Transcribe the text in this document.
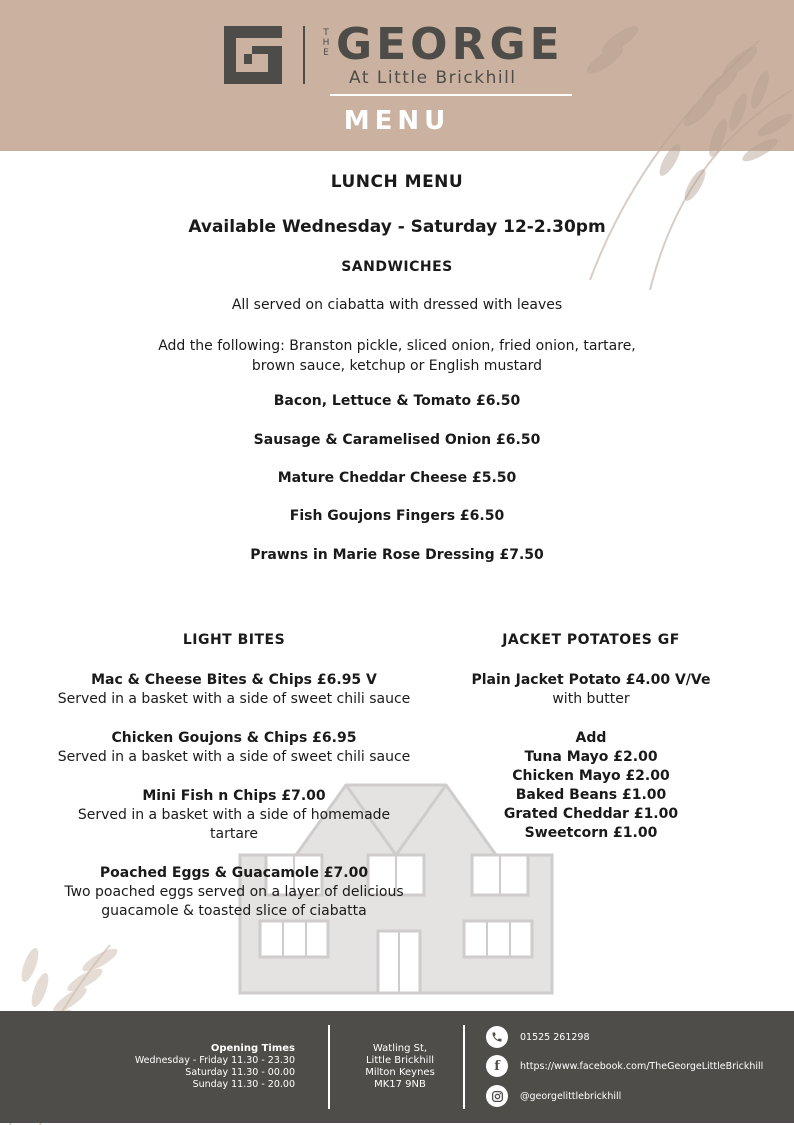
T
H
E GEORGE
At Little Brickhill
MENU
LUNCH MENU
Available Wednesday - Saturday 12-2.30pm
SANDWICHES
All served on ciabatta with dressed with leaves
Add the following: Branston pickle, sliced onion, fried onion, tartare,
brown sauce, ketchup or English mustard
Bacon, Lettuce & Tomato £6.50
Sausage & Caramelised Onion £6.50
Mature Cheddar Cheese £5.50
Fish Goujons Fingers £6.50
Prawns in Marie Rose Dressing £7.50
LIGHT BITES
Mac & Cheese Bites & Chips £6.95 V
Served in a basket with a side of sweet chili sauce
Chicken Goujons & Chips £6.95
Served in a basket with a side of sweet chili sauce
Mini Fish n Chips £7.00
Served in a basket with a side of homemade
tartare
Poached Eggs & Guacamole £7.00
Two poached eggs served on a layer of delicious
guacamole & toasted slice of ciabatta
JACKET POTATOES GF
Plain Jacket Potato £4.00 V/Ve
with butter
Add
Tuna Mayo £2.00
Chicken Mayo £2.00
Baked Beans £1.00
Grated Cheddar £1.00
Sweetcorn £1.00
Opening Times
Wednesday - Friday 11.30 - 23.30
Saturday 11.30 - 00.00
Sunday 11.30 - 20.00
Watling St,
Little Brickhill
Milton Keynes
MK17 9NB
01525 261298
f	https://www.facebook.com/TheGeorgeLittleBrickhill
@georgelittlebrickhill
